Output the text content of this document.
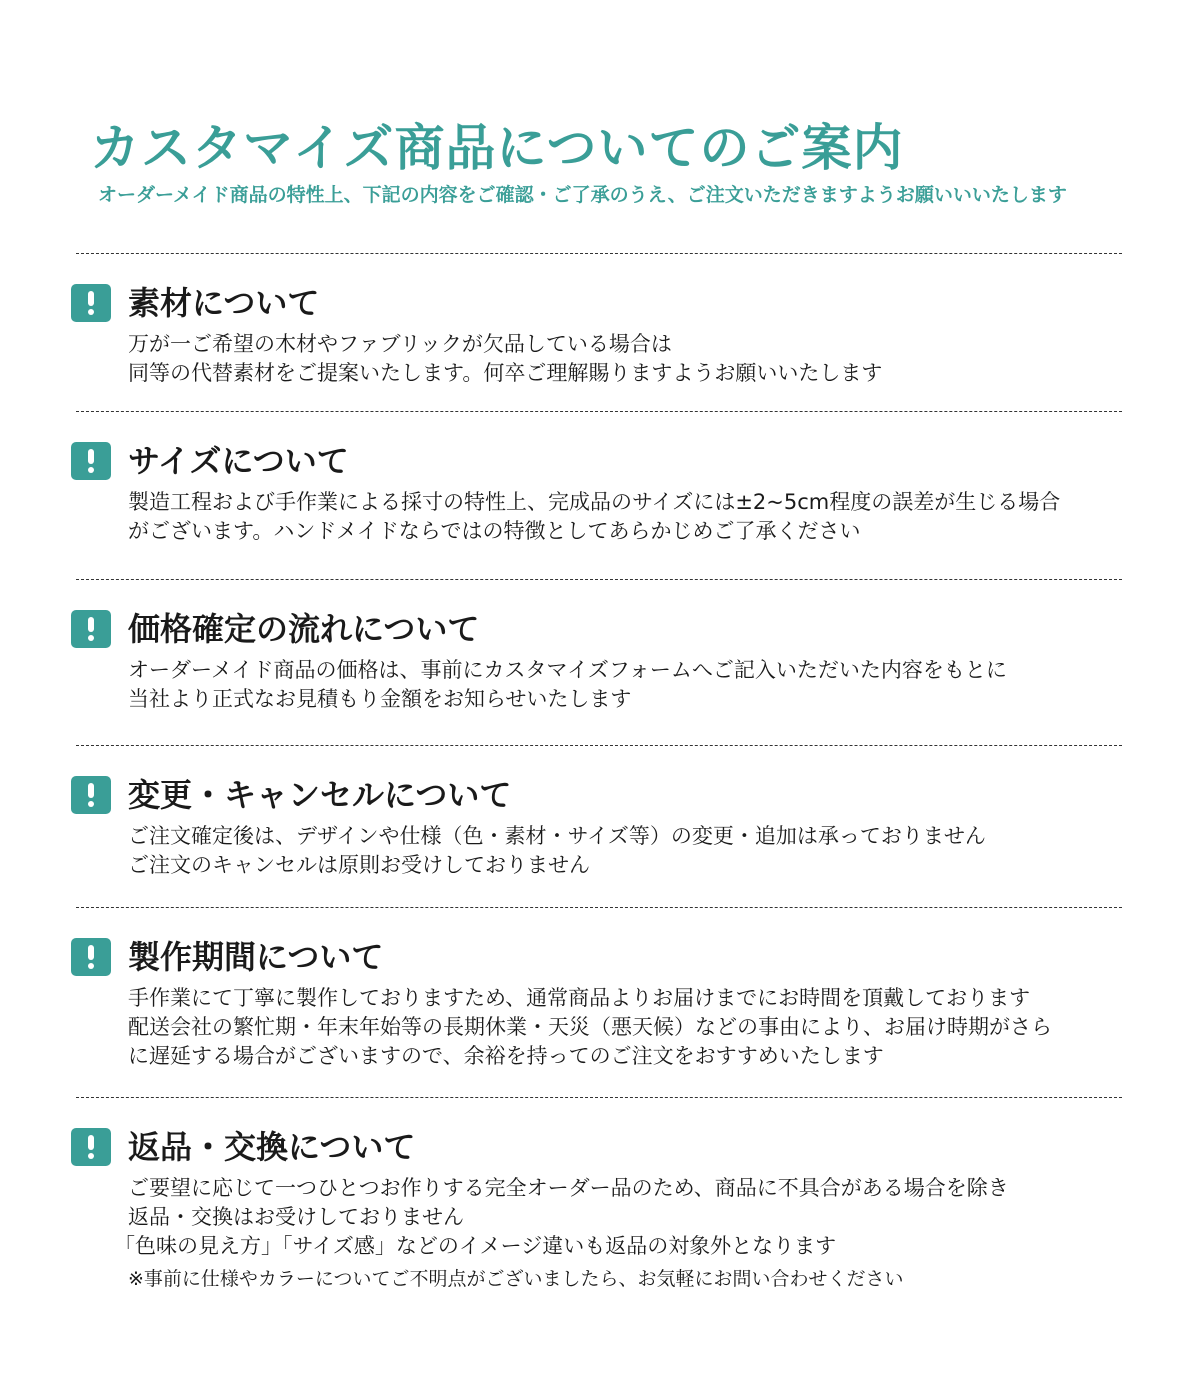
カスタマイズ商品についてのご案内

オーダーメイド商品の特性上、下記の内容をご確認・ご了承のうえ、ご注文いただきますようお願いいいたします

素材について
万が一ご希望の木材やファブリックが欠品している場合は
同等の代替素材をご提案いたします。何卒ご理解賜りますようお願いいたします
サイズについて
製造工程および手作業による採寸の特性上、完成品のサイズには±2~5cm程度の誤差が生じる場合
がございます。ハンドメイドならではの特徴としてあらかじめご了承ください
価格確定の流れについて
オーダーメイド商品の価格は、事前にカスタマイズフォームへご記入いただいた内容をもとに
当社より正式なお見積もり金額をお知らせいたします
変更・キャンセルについて
ご注文確定後は、デザインや仕様（色・素材・サイズ等）の変更・追加は承っておりません
ご注文のキャンセルは原則お受けしておりません
製作期間について
手作業にて丁寧に製作しておりますため、通常商品よりお届けまでにお時間を頂戴しております
配送会社の繁忙期・年末年始等の長期休業・天災（悪天候）などの事由により、お届け時期がさら
に遅延する場合がございますので、余裕を持ってのご注文をおすすめいたします
返品・交換について
ご要望に応じて一つひとつお作りする完全オーダー品のため、商品に不具合がある場合を除き
返品・交換はお受けしておりません
「色味の見え方」「サイズ感」などのイメージ違いも返品の対象外となります
※事前に仕様やカラーについてご不明点がございましたら、お気軽にお問い合わせください
